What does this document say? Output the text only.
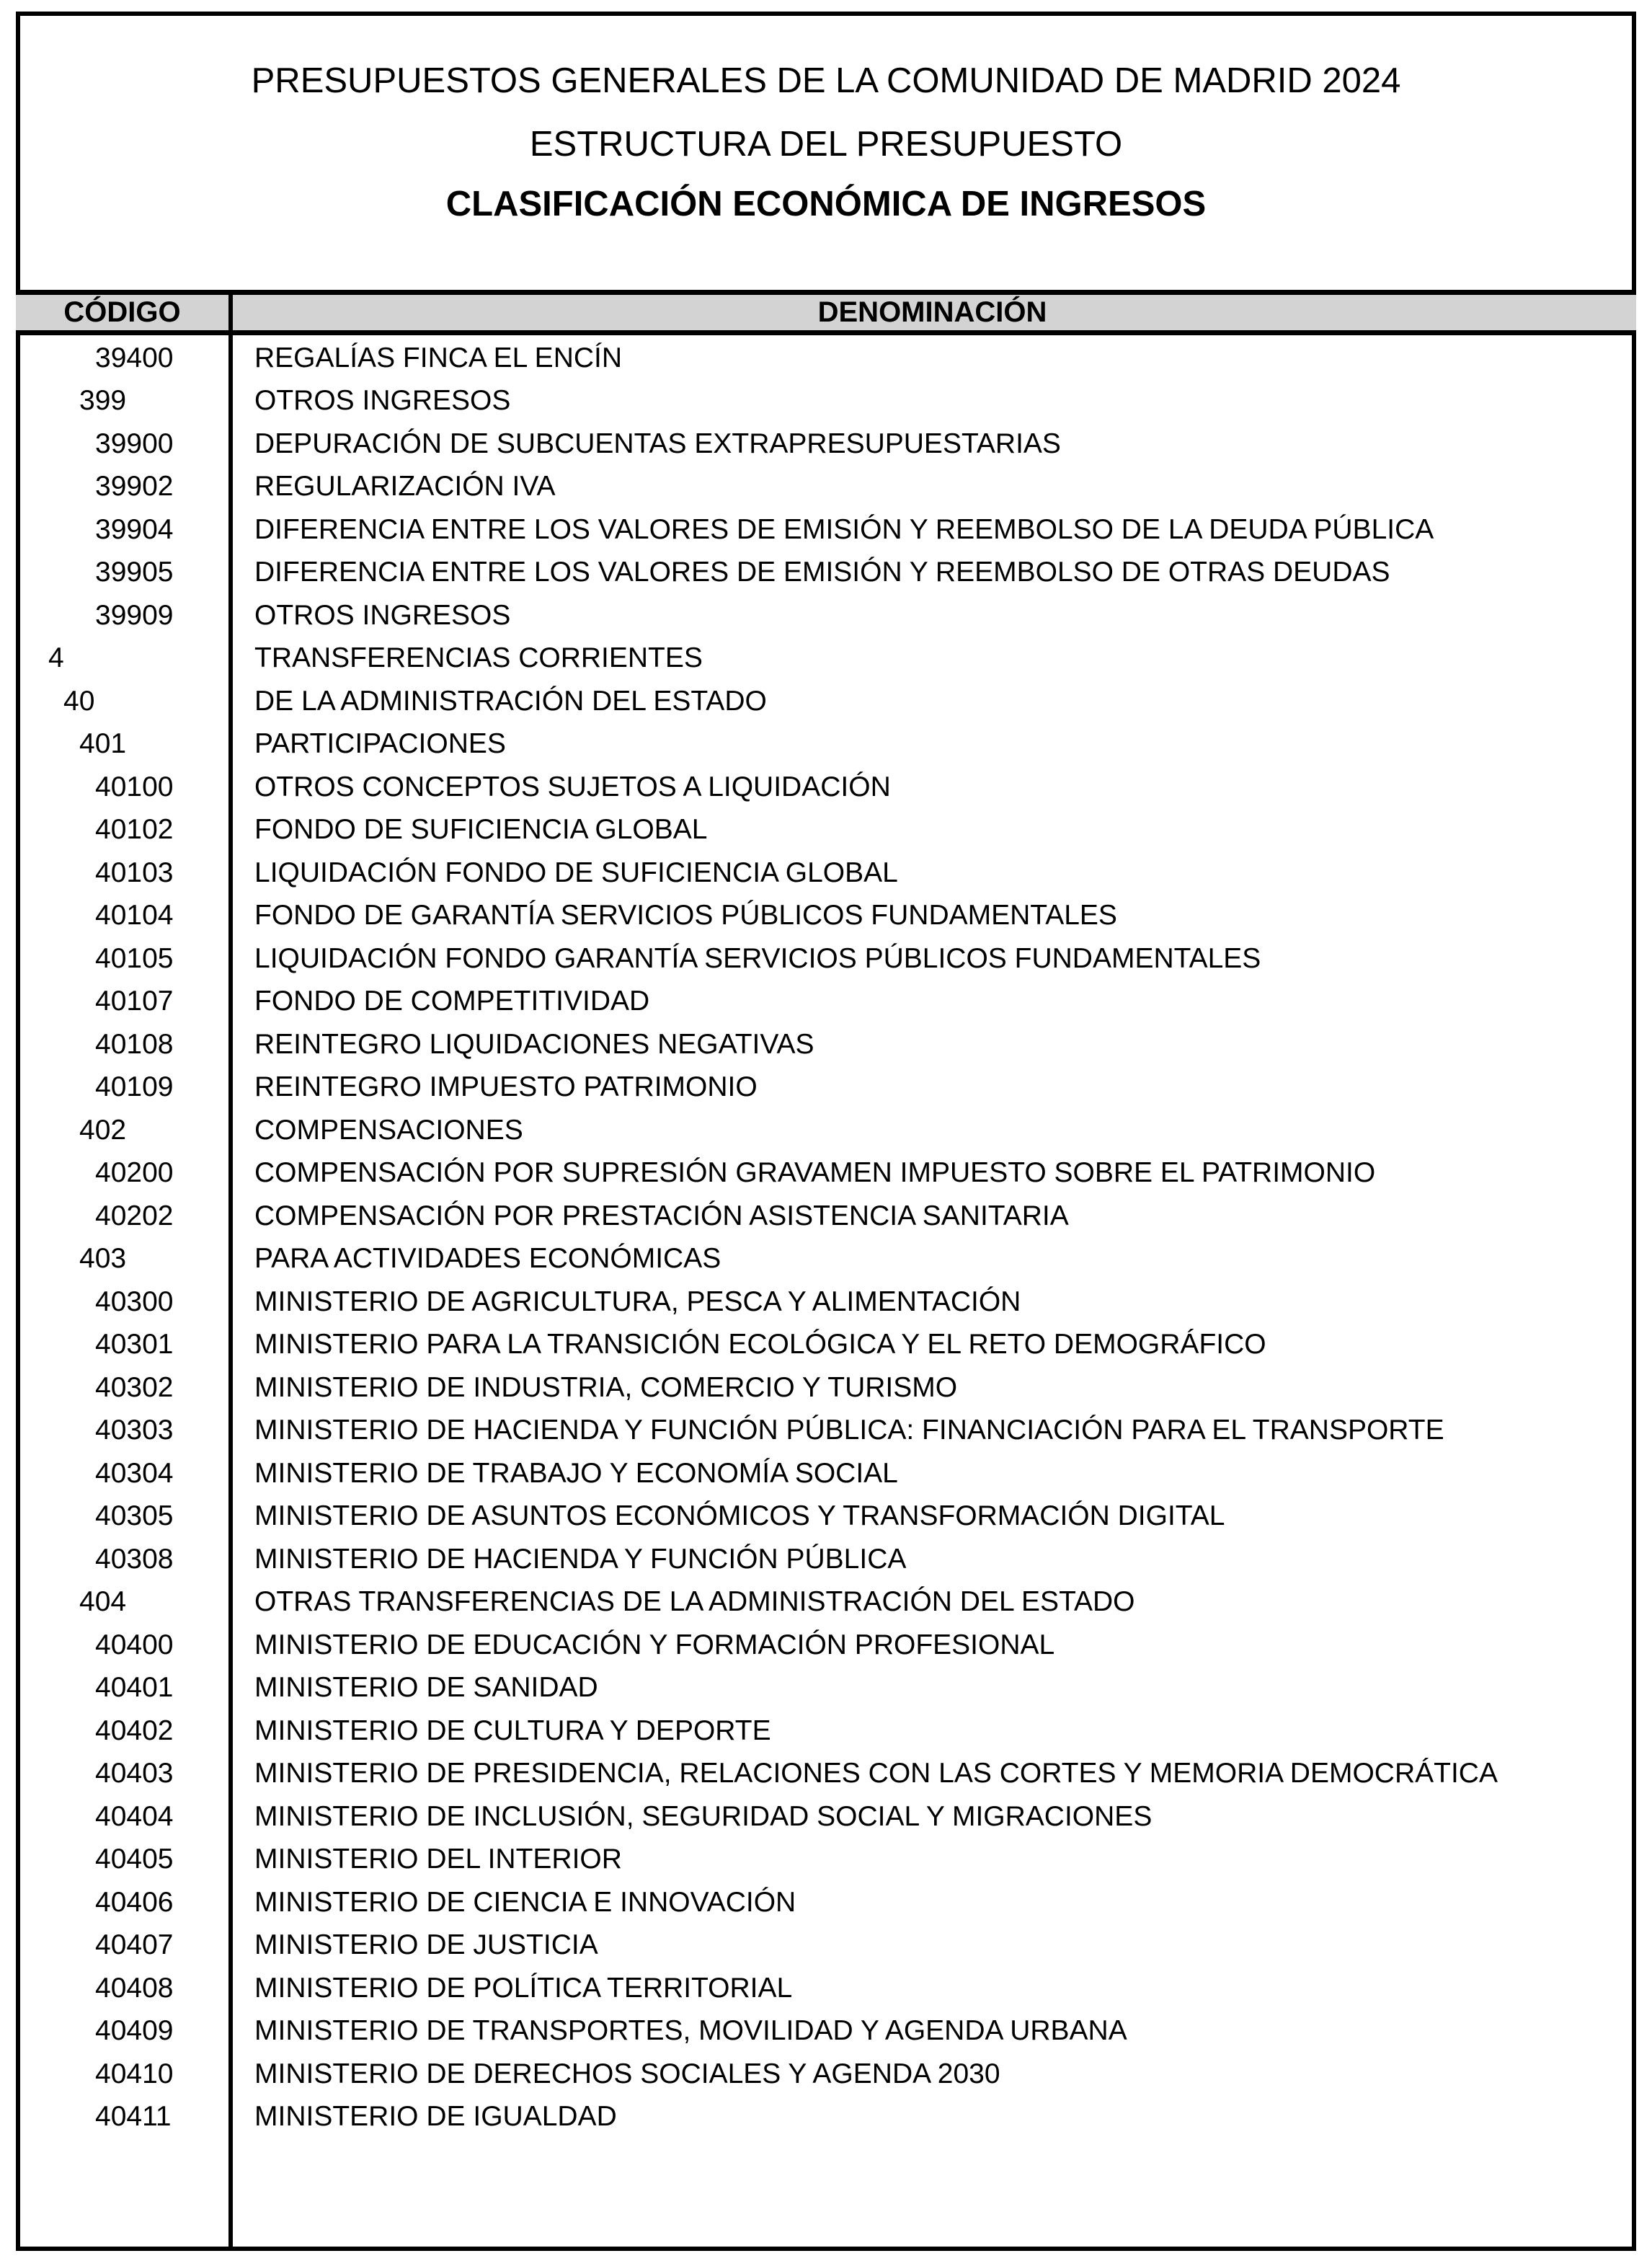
PRESUPUESTOS GENERALES DE LA COMUNIDAD DE MADRID 2024
ESTRUCTURA DEL PRESUPUESTO
CLASIFICACIÓN ECONÓMICA DE INGRESOS
CÓDIGO	DENOMINACIÓN
39400	REGALÍAS FINCA EL ENCÍN
399	OTROS INGRESOS
39900	DEPURACIÓN DE SUBCUENTAS EXTRAPRESUPUESTARIAS
39902	REGULARIZACIÓN IVA
39904	DIFERENCIA ENTRE LOS VALORES DE EMISIÓN Y REEMBOLSO DE LA DEUDA PÚBLICA
39905	DIFERENCIA ENTRE LOS VALORES DE EMISIÓN Y REEMBOLSO DE OTRAS DEUDAS
39909	OTROS INGRESOS
4	TRANSFERENCIAS CORRIENTES
40	DE LA ADMINISTRACIÓN DEL ESTADO
401	PARTICIPACIONES
40100	OTROS CONCEPTOS SUJETOS A LIQUIDACIÓN
40102	FONDO DE SUFICIENCIA GLOBAL
40103	LIQUIDACIÓN FONDO DE SUFICIENCIA GLOBAL
40104	FONDO DE GARANTÍA SERVICIOS PÚBLICOS FUNDAMENTALES
40105	LIQUIDACIÓN FONDO GARANTÍA SERVICIOS PÚBLICOS FUNDAMENTALES
40107	FONDO DE COMPETITIVIDAD
40108	REINTEGRO LIQUIDACIONES NEGATIVAS
40109	REINTEGRO IMPUESTO PATRIMONIO
402	COMPENSACIONES
40200	COMPENSACIÓN POR SUPRESIÓN GRAVAMEN IMPUESTO SOBRE EL PATRIMONIO
40202	COMPENSACIÓN POR PRESTACIÓN ASISTENCIA SANITARIA
403	PARA ACTIVIDADES ECONÓMICAS
40300	MINISTERIO DE AGRICULTURA, PESCA Y ALIMENTACIÓN
40301	MINISTERIO PARA LA TRANSICIÓN ECOLÓGICA Y EL RETO DEMOGRÁFICO
40302	MINISTERIO DE INDUSTRIA, COMERCIO Y TURISMO
40303	MINISTERIO DE HACIENDA Y FUNCIÓN PÚBLICA: FINANCIACIÓN PARA EL TRANSPORTE
40304	MINISTERIO DE TRABAJO Y ECONOMÍA SOCIAL
40305	MINISTERIO DE ASUNTOS ECONÓMICOS Y TRANSFORMACIÓN DIGITAL
40308	MINISTERIO DE HACIENDA Y FUNCIÓN PÚBLICA
404	OTRAS TRANSFERENCIAS DE LA ADMINISTRACIÓN DEL ESTADO
40400	MINISTERIO DE EDUCACIÓN Y FORMACIÓN PROFESIONAL
40401	MINISTERIO DE SANIDAD
40402	MINISTERIO DE CULTURA Y DEPORTE
40403	MINISTERIO DE PRESIDENCIA, RELACIONES CON LAS CORTES Y MEMORIA DEMOCRÁTICA
40404	MINISTERIO DE INCLUSIÓN, SEGURIDAD SOCIAL Y MIGRACIONES
40405	MINISTERIO DEL INTERIOR
40406	MINISTERIO DE CIENCIA E INNOVACIÓN
40407	MINISTERIO DE JUSTICIA
40408	MINISTERIO DE POLÍTICA TERRITORIAL
40409	MINISTERIO DE TRANSPORTES, MOVILIDAD Y AGENDA URBANA
40410	MINISTERIO DE DERECHOS SOCIALES Y AGENDA 2030
40411	MINISTERIO DE IGUALDAD
